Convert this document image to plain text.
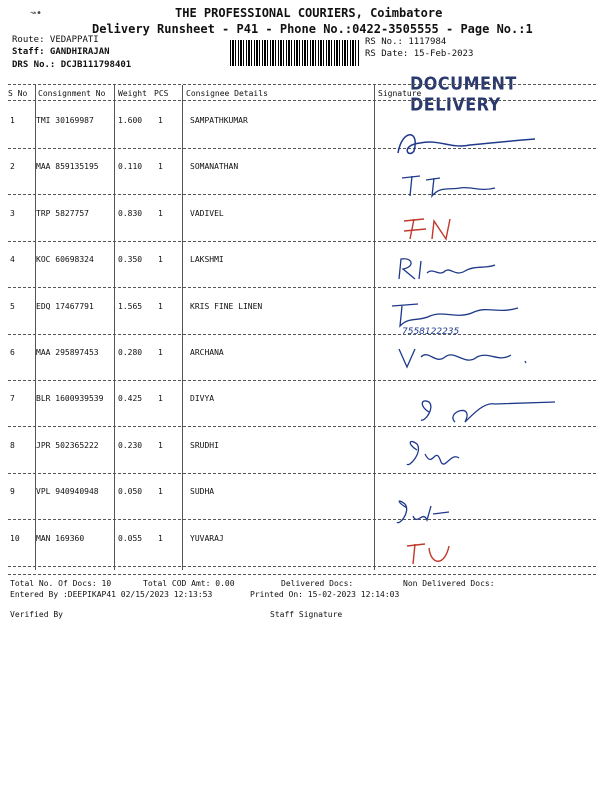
↝•	THE PROFESSIONAL COURIERS, Coimbatore
Delivery Runsheet - P41 - Phone No.:0422-3505555 - Page No.:1
Route: VEDAPPATI
Staff: GANDHIRAJAN
DRS No.: DCJB111798401
RS No.: 1117984
RS Date: 15-Feb-2023
DOCUMENT DELIVERY
S No Consignment No Weight PCS Consignee Details	Signature
1	TMI 30169987	1.600 1	SAMPATHKUMAR
2	MAA 859135195 0.110 1	SOMANATHAN
3	TRP 5827757	0.830 1	VADIVEL
4	KOC 60698324	0.350 1	LAKSHMI
5	EDQ 17467791	1.565 1	KRIS FINE LINEN
6	MAA 295897453 0.280 1	ARCHANA
7	BLR 1600939539 0.425 1	DIVYA
8	JPR 502365222 0.230 1	SRUDHI
9	VPL 940940948 0.050 1	SUDHA
10 MAN 169360	0.055 1	YUVARAJ
7558122235
Total No. Of Docs: 10	Total COD Amt: 0.00	Delivered Docs:	Non Delivered Docs:
Entered By :DEEPIKAP41 02/15/2023 12:13:53	Printed On: 15-02-2023 12:14:03
Verified By	Staff Signature
